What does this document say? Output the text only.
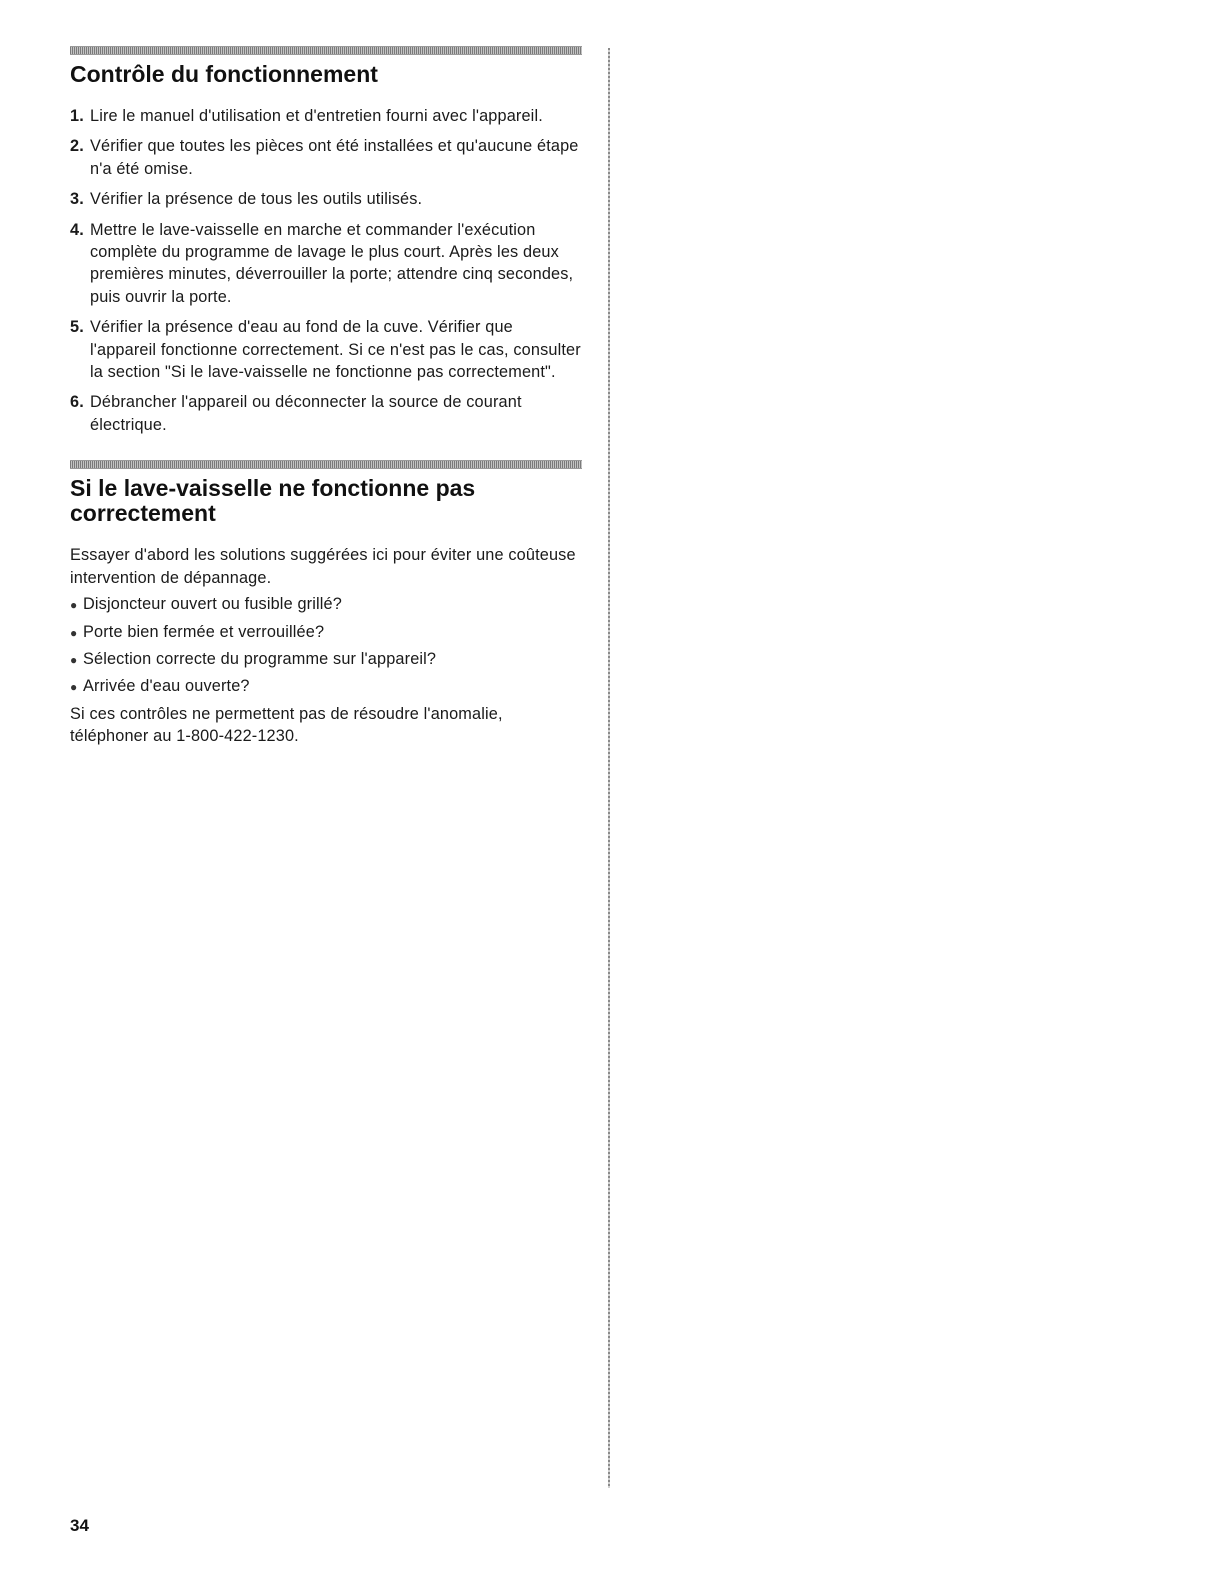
Contrôle du fonctionnement
1. Lire le manuel d'utilisation et d'entretien fourni avec l'appareil.
2. Vérifier que toutes les pièces ont été installées et qu'aucune étape n'a été omise.
3. Vérifier la présence de tous les outils utilisés.
4. Mettre le lave-vaisselle en marche et commander l'exécution complète du programme de lavage le plus court. Après les deux premières minutes, déverrouiller la porte; attendre cinq secondes, puis ouvrir la porte.
5. Vérifier la présence d'eau au fond de la cuve. Vérifier que l'appareil fonctionne correctement. Si ce n'est pas le cas, consulter la section "Si le lave-vaisselle ne fonctionne pas correctement".
6. Débrancher l'appareil ou déconnecter la source de courant électrique.
Si le lave-vaisselle ne fonctionne pas correctement

Essayer d'abord les solutions suggérées ici pour éviter une coûteuse intervention de dépannage.

● Disjoncteur ouvert ou fusible grillé?
● Porte bien fermée et verrouillée?
● Sélection correcte du programme sur l'appareil?
● Arrivée d'eau ouverte?

Si ces contrôles ne permettent pas de résoudre l'anomalie, téléphoner au 1-800-422-1230.

34
